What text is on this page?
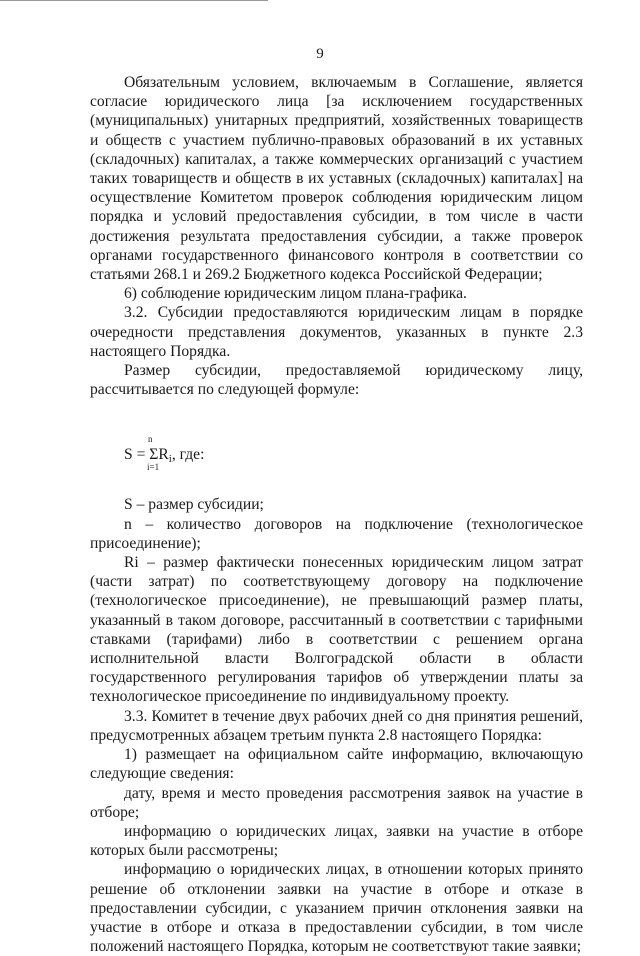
9

Обязательным условием, включаемым в Соглашение, является согласие юридического лица [за исключением государственных (муниципальных) унитарных предприятий, хозяйственных товариществ и обществ с участием публично-правовых образований в их уставных (складочных) капиталах, а также коммерческих организаций с участием таких товариществ и обществ в их уставных (складочных) капиталах] на осуществление Комитетом проверок соблюдения юридическим лицом порядка и условий предоставления субсидии, в том числе в части достижения результата предоставления субсидии, а также проверок органами государственного финансового контроля в соответствии со статьями 268.1 и 269.2 Бюджетного кодекса Российской Федерации;

6) соблюдение юридическим лицом плана-графика.

3.2. Субсидии предоставляются юридическим лицам в порядке очередности представления документов, указанных в пункте 2.3 настоящего Порядка.

Размер субсидии, предоставляемой юридическому лицу, рассчитывается по следующей формуле:

n
S = ΣRi, где:
i=1

S – размер субсидии;

n – количество договоров на подключение (технологическое присоединение);

Ri – размер фактически понесенных юридическим лицом затрат (части затрат) по соответствующему договору на подключение (технологическое присоединение), не превышающий размер платы, указанный в таком договоре, рассчитанный в соответствии с тарифными ставками (тарифами) либо в соответствии с решением органа исполнительной власти Волгоградской области в области государственного регулирования тарифов об утверждении платы за технологическое присоединение по индивидуальному проекту.

3.3. Комитет в течение двух рабочих дней со дня принятия решений, предусмотренных абзацем третьим пункта 2.8 настоящего Порядка:

1) размещает на официальном сайте информацию, включающую следующие сведения:

дату, время и место проведения рассмотрения заявок на участие в отборе;

информацию о юридических лицах, заявки на участие в отборе которых были рассмотрены;

информацию о юридических лицах, в отношении которых принято решение об отклонении заявки на участие в отборе и отказе в предоставлении субсидии, с указанием причин отклонения заявки на участие в отборе и отказа в предоставлении субсидии, в том числе положений настоящего Порядка, которым не соответствуют такие заявки;
